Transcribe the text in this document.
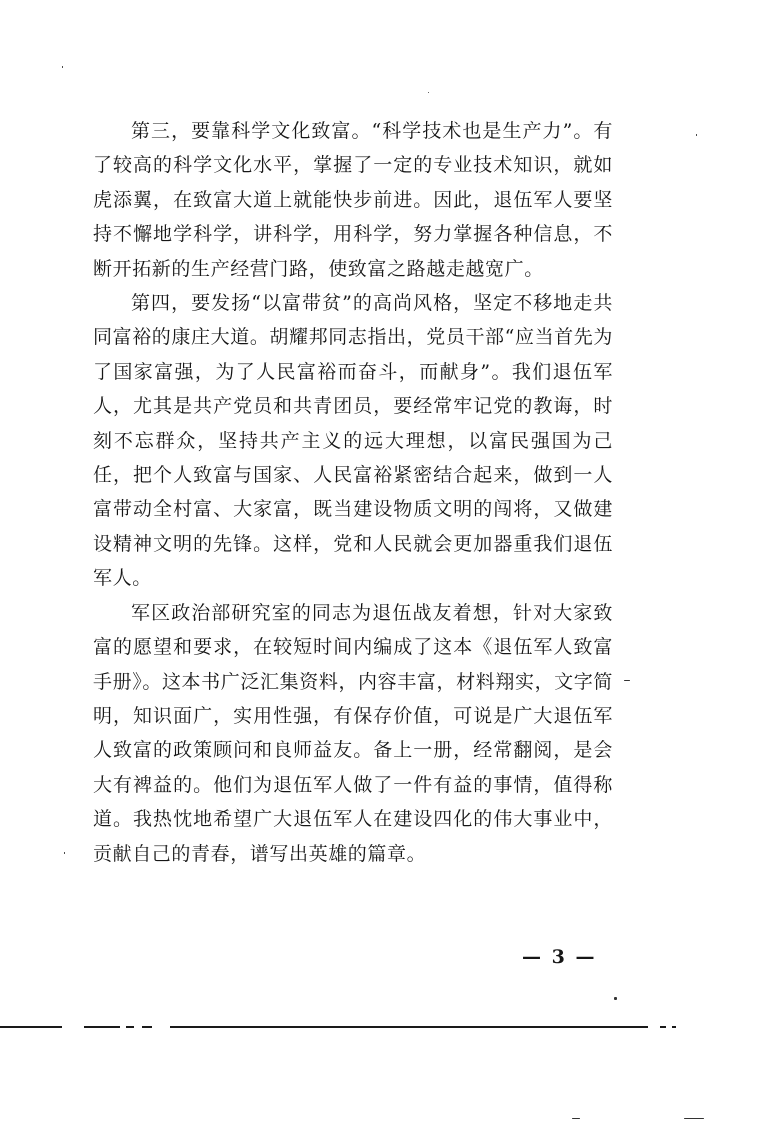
第三，要靠科学文化致富。“科学技术也是生产力”。有了较高的科学文化水平，掌握了一定的专业技术知识，就如虎添翼，在致富大道上就能快步前进。因此，退伍军人要坚持不懈地学科学，讲科学，用科学，努力掌握各种信息，不断开拓新的生产经营门路，使致富之路越走越宽广。

第四，要发扬“以富带贫”的高尚风格，坚定不移地走共同富裕的康庄大道。胡耀邦同志指出，党员干部“应当首先为了国家富强，为了人民富裕而奋斗，而献身”。我们退伍军人，尤其是共产党员和共青团员，要经常牢记党的教诲，时刻不忘群众，坚持共产主义的远大理想，以富民强国为己任，把个人致富与国家、人民富裕紧密结合起来，做到一人富带动全村富、大家富，既当建设物质文明的闯将，又做建设精神文明的先锋。这样，党和人民就会更加器重我们退伍军人。

军区政治部研究室的同志为退伍战友着想，针对大家致富的愿望和要求，在较短时间内编成了这本《退伍军人致富手册》。这本书广泛汇集资料，内容丰富，材料翔实，文字简明，知识面广，实用性强，有保存价值，可说是广大退伍军人致富的政策顾问和良师益友。备上一册，经常翻阅，是会大有裨益的。他们为退伍军人做了一件有益的事情，值得称道。我热忱地希望广大退伍军人在建设四化的伟大事业中，贡献自己的青春，谱写出英雄的篇章。

— 3 —
